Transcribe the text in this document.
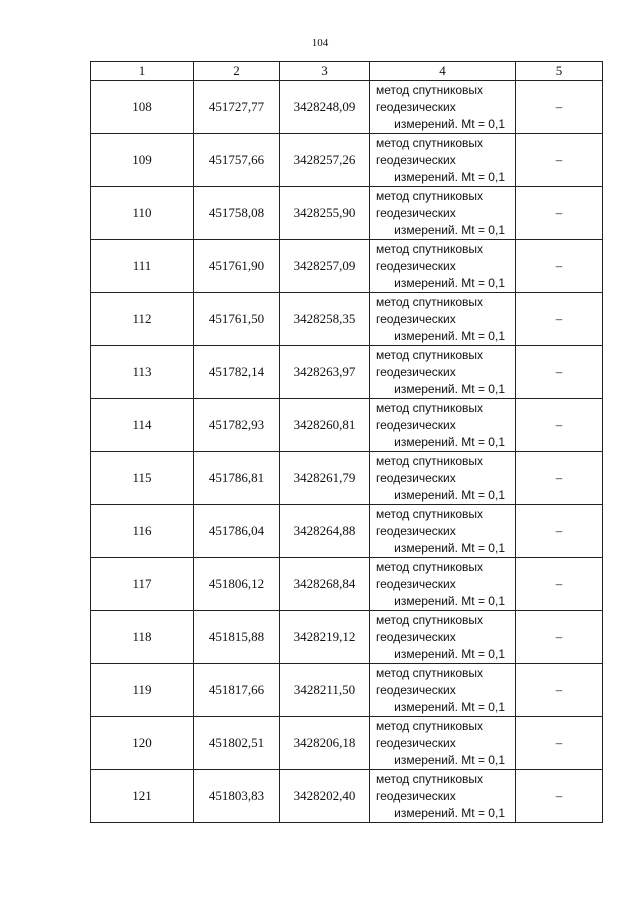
104
1	2	3	4	5
108	451727,77	3428248,09	метод спутниковых
геодезических
измерений. Mt = 0,1	–
109	451757,66	3428257,26	метод спутниковых
геодезических
измерений. Mt = 0,1	–
110	451758,08	3428255,90	метод спутниковых
геодезических
измерений. Mt = 0,1	–
111	451761,90	3428257,09	метод спутниковых
геодезических
измерений. Mt = 0,1	–
112	451761,50	3428258,35	метод спутниковых
геодезических
измерений. Mt = 0,1	–
113	451782,14	3428263,97	метод спутниковых
геодезических
измерений. Mt = 0,1	–
114	451782,93	3428260,81	метод спутниковых
геодезических
измерений. Mt = 0,1	–
115	451786,81	3428261,79	метод спутниковых
геодезических
измерений. Mt = 0,1	–
116	451786,04	3428264,88	метод спутниковых
геодезических
измерений. Mt = 0,1	–
117	451806,12	3428268,84	метод спутниковых
геодезических
измерений. Mt = 0,1	–
118	451815,88	3428219,12	метод спутниковых
геодезических
измерений. Mt = 0,1	–
119	451817,66	3428211,50	метод спутниковых
геодезических
измерений. Mt = 0,1	–
120	451802,51	3428206,18	метод спутниковых
геодезических
измерений. Mt = 0,1	–
121	451803,83	3428202,40	метод спутниковых
геодезических
измерений. Mt = 0,1	–
